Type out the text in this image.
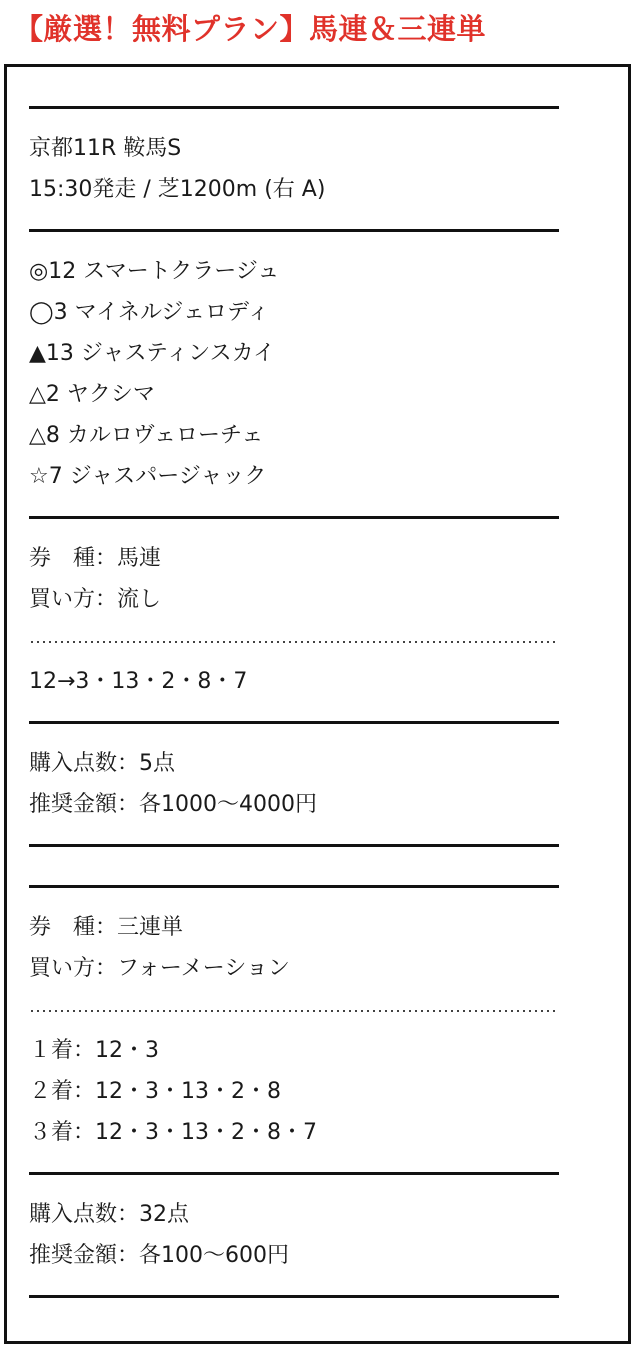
【厳選！無料プラン】馬連＆三連単
京都11R 鞍馬S
15:30発走 / 芝1200m (右 A)
◎12 スマートクラージュ
◯3 マイネルジェロディ
▲13 ジャスティンスカイ
△2 ヤクシマ
△8 カルロヴェローチェ
☆7 ジャスパージャック
券　種：馬連
買い方：流し
12→3・13・2・8・7
購入点数：5点
推奨金額：各1000〜4000円
券　種：三連単
買い方：フォーメーション
１着：12・3
２着：12・3・13・2・8
３着：12・3・13・2・8・7
購入点数：32点
推奨金額：各100〜600円
